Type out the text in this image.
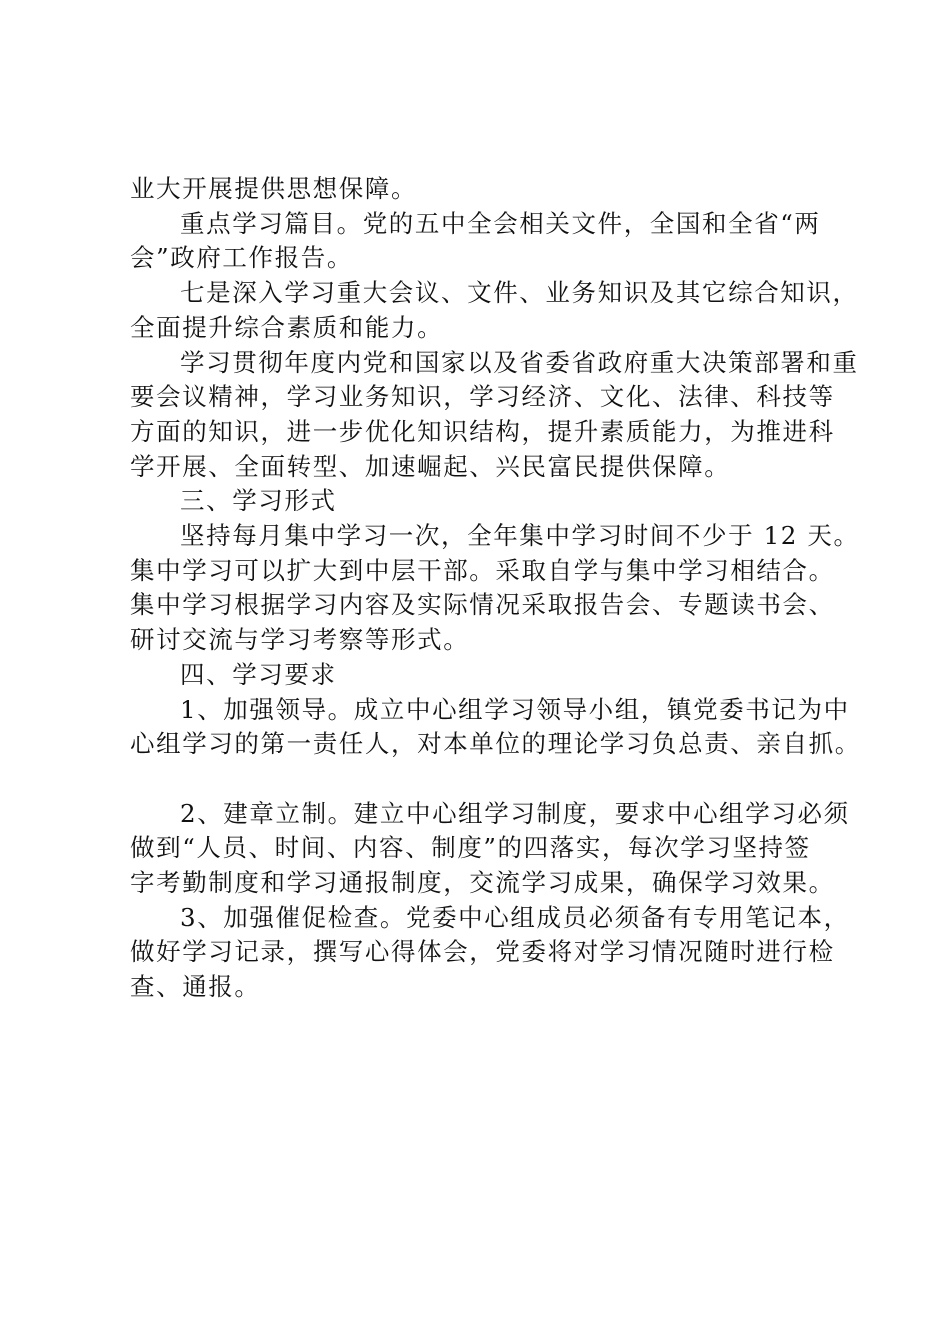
业大开展提供思想保障。

重点学习篇目。党的五中全会相关文件，全国和全省“两

会”政府工作报告。

七是深入学习重大会议、文件、业务知识及其它综合知识，

全面提升综合素质和能力。

学习贯彻年度内党和国家以及省委省政府重大决策部署和重

要会议精神，学习业务知识，学习经济、文化、法律、科技等

方面的知识，进一步优化知识结构，提升素质能力，为推进科

学开展、全面转型、加速崛起、兴民富民提供保障。

三、学习形式

坚持每月集中学习一次，全年集中学习时间不少于 12 天。

集中学习可以扩大到中层干部。采取自学与集中学习相结合。

集中学习根据学习内容及实际情况采取报告会、专题读书会、

研讨交流与学习考察等形式。

四、学习要求

1、加强领导。成立中心组学习领导小组，镇党委书记为中

心组学习的第一责任人，对本单位的理论学习负总责、亲自抓。

2、建章立制。建立中心组学习制度，要求中心组学习必须

做到“人员、时间、内容、制度”的四落实，每次学习坚持签

字考勤制度和学习通报制度，交流学习成果，确保学习效果。

3、加强催促检查。党委中心组成员必须备有专用笔记本，

做好学习记录，撰写心得体会，党委将对学习情况随时进行检

查、通报。
